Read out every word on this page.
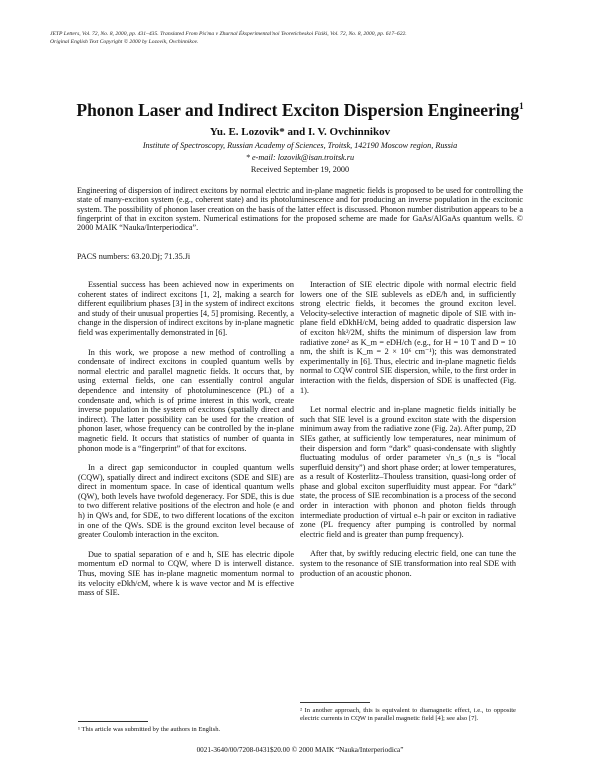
JETP Letters, Vol. 72, No. 8, 2000, pp. 431–435. Translated From Pis'ma v Zhurnal Éksperimental'noi Teoreticheskoi Fiziki, Vol. 72, No. 8, 2000, pp. 617–622.
Original English Text Copyright © 2000 by Lozovik, Ovchinnikov.
Phonon Laser and Indirect Exciton Dispersion Engineering$^1$
Yu. E. Lozovik* and I. V. Ovchinnikov
Institute of Spectroscopy, Russian Academy of Sciences, Troitsk, 142190 Moscow region, Russia
* e-mail: lozovik@isan.troitsk.ru
Received September 19, 2000
Engineering of dispersion of indirect excitons by normal electric and in-plane magnetic fields is proposed to be used for controlling the state of many-exciton system (e.g., coherent state) and its photoluminescence and for producing an inverse population in the excitonic system. The possibility of phonon laser creation on the basis of the latter effect is discussed. Phonon number distribution appears to be a fingerprint of that in exciton system. Numerical estimations for the proposed scheme are made for GaAs/AlGaAs quantum wells. © 2000 MAIK “Nauka/Interperiodica”.
PACS numbers: 63.20.Dj; 71.35.Ji

Essential success has been achieved now in experiments on coherent states of indirect excitons [1, 2], making a search for different equilibrium phases [3] in the system of indirect excitons and study of their unusual properties [4, 5] promising. Recently, a change in the dispersion of indirect excitons by in-plane magnetic field was experimentally demonstrated in [6].

In this work, we propose a new method of controlling a condensate of indirect excitons in coupled quantum wells by normal electric and parallel magnetic fields. It occurs that, by using external fields, one can essentially control angular dependence and intensity of photoluminescence (PL) of a condensate and, which is of prime interest in this work, create inverse population in the system of excitons (spatially direct and indirect). The latter possibility can be used for the creation of phonon laser, whose frequency can be controlled by the in-plane magnetic field. It occurs that statistics of number of quanta in phonon mode is a “fingerprint” of that for excitons.

In a direct gap semiconductor in coupled quantum wells (CQW), spatially direct and indirect excitons (SDE and SIE) are direct in momentum space. In case of identical quantum wells (QW), both levels have twofold degeneracy. For SDE, this is due to two different relative positions of the electron and hole (e and h) in QWs and, for SDE, to two different locations of the exciton in one of the QWs. SDE is the ground exciton level because of greater Coulomb interaction in the exciton.

Due to spatial separation of e and h, SIE has electric dipole momentum eD normal to CQW, where D is interwell distance. Thus, moving SIE has in-plane magnetic momentum normal to its velocity eDkħ/cM, where k is wave vector and M is effective mass of SIE.

Interaction of SIE electric dipole with normal electric field lowers one of the SIE sublevels as eDE/ħ and, in sufficiently strong electric fields, it becomes the ground exciton level. Velocity-selective interaction of magnetic dipole of SIE with in-plane field eDkħH/cM, being added to quadratic dispersion law of exciton ħk²/2M, shifts the minimum of dispersion law from radiative zone² as K_m = eDH/cħ (e.g., for H = 10 T and D = 10 nm, the shift is K_m = 2 × 10⁶ cm⁻¹); this was demonstrated experimentally in [6]. Thus, electric and in-plane magnetic fields normal to CQW control SIE dispersion, while, to the first order in interaction with the fields, dispersion of SDE is unaffected (Fig. 1).

Let normal electric and in-plane magnetic fields initially be such that SIE level is a ground exciton state with the dispersion minimum away from the radiative zone (Fig. 2a). After pump, 2D SIEs gather, at sufficiently low temperatures, near minimum of their dispersion and form “dark” quasi-condensate with slightly fluctuating modulus of order parameter √n_s (n_s is “local superfluid density”) and short phase order; at lower temperatures, as a result of Kosterlitz–Thouless transition, quasi-long order of phase and global exciton superfluidity must appear. For “dark” state, the process of SIE recombination is a process of the second order in interaction with phonon and photon fields through intermediate production of virtual e–h pair or exciton in radiative zone (PL frequency after pumping is controlled by normal electric field and is greater than pump frequency).

After that, by swiftly reducing electric field, one can tune the system to the resonance of SIE transformation into real SDE with production of an acoustic phonon.

¹ This article was submitted by the authors in English.
² In another approach, this is equivalent to diamagnetic effect, i.e., to opposite electric currents in CQW in parallel magnetic field [4]; see also [7].
0021-3640/00/7208-0431$20.00 © 2000 MAIK “Nauka/Interperiodica”
